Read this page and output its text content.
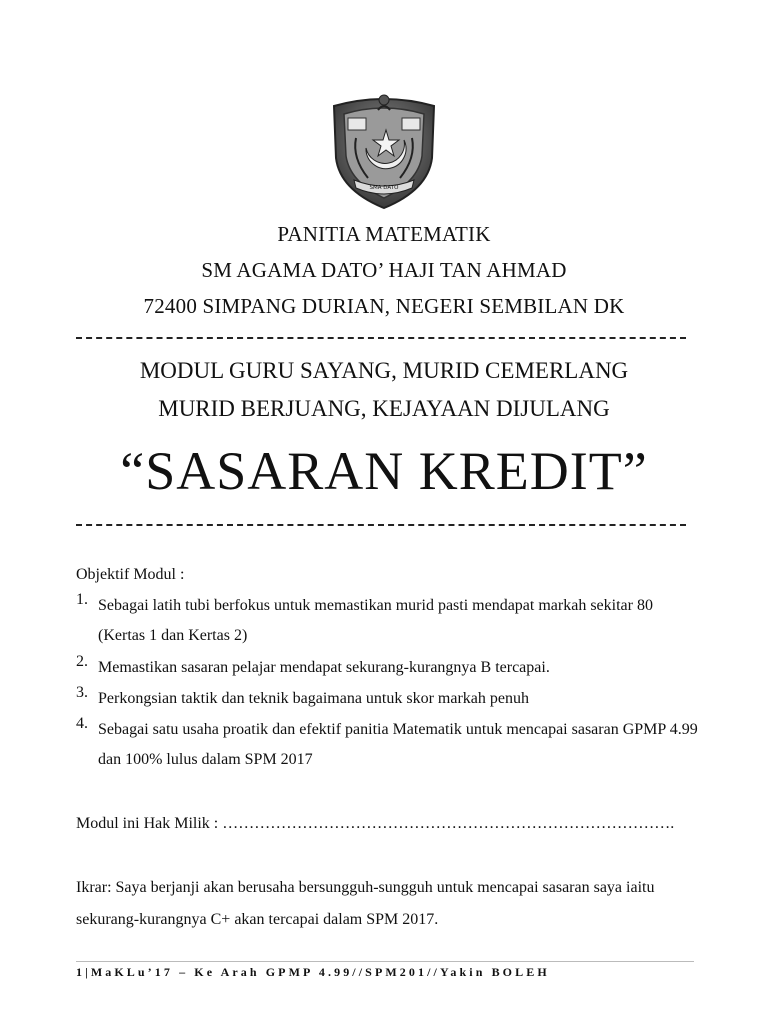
SMA DATO
PANITIA MATEMATIK
SM AGAMA DATO’ HAJI TAN AHMAD
72400 SIMPANG DURIAN, NEGERI SEMBILAN DK
MODUL GURU SAYANG, MURID CEMERLANG
MURID BERJUANG, KEJAYAAN DIJULANG
“SASARAN KREDIT”
Objektif Modul :
1. Sebagai latih tubi berfokus untuk memastikan murid pasti mendapat markah sekitar 80 (Kertas 1 dan Kertas 2)
2. Memastikan sasaran pelajar mendapat sekurang-kurangnya B tercapai.
3. Perkongsian taktik dan teknik bagaimana untuk skor markah penuh
4. Sebagai satu usaha proatik dan efektif panitia Matematik untuk mencapai sasaran GPMP 4.99 dan 100% lulus dalam SPM 2017
Modul ini Hak Milik : ………………………………………………………………………….
Ikrar: Saya berjanji akan berusaha bersungguh-sungguh untuk mencapai sasaran saya iaitu sekurang-kurangnya C+ akan tercapai dalam SPM 2017.
1|MaKLu’17 – Ke Arah GPMP 4.99//SPM201//Yakin BOLEH
